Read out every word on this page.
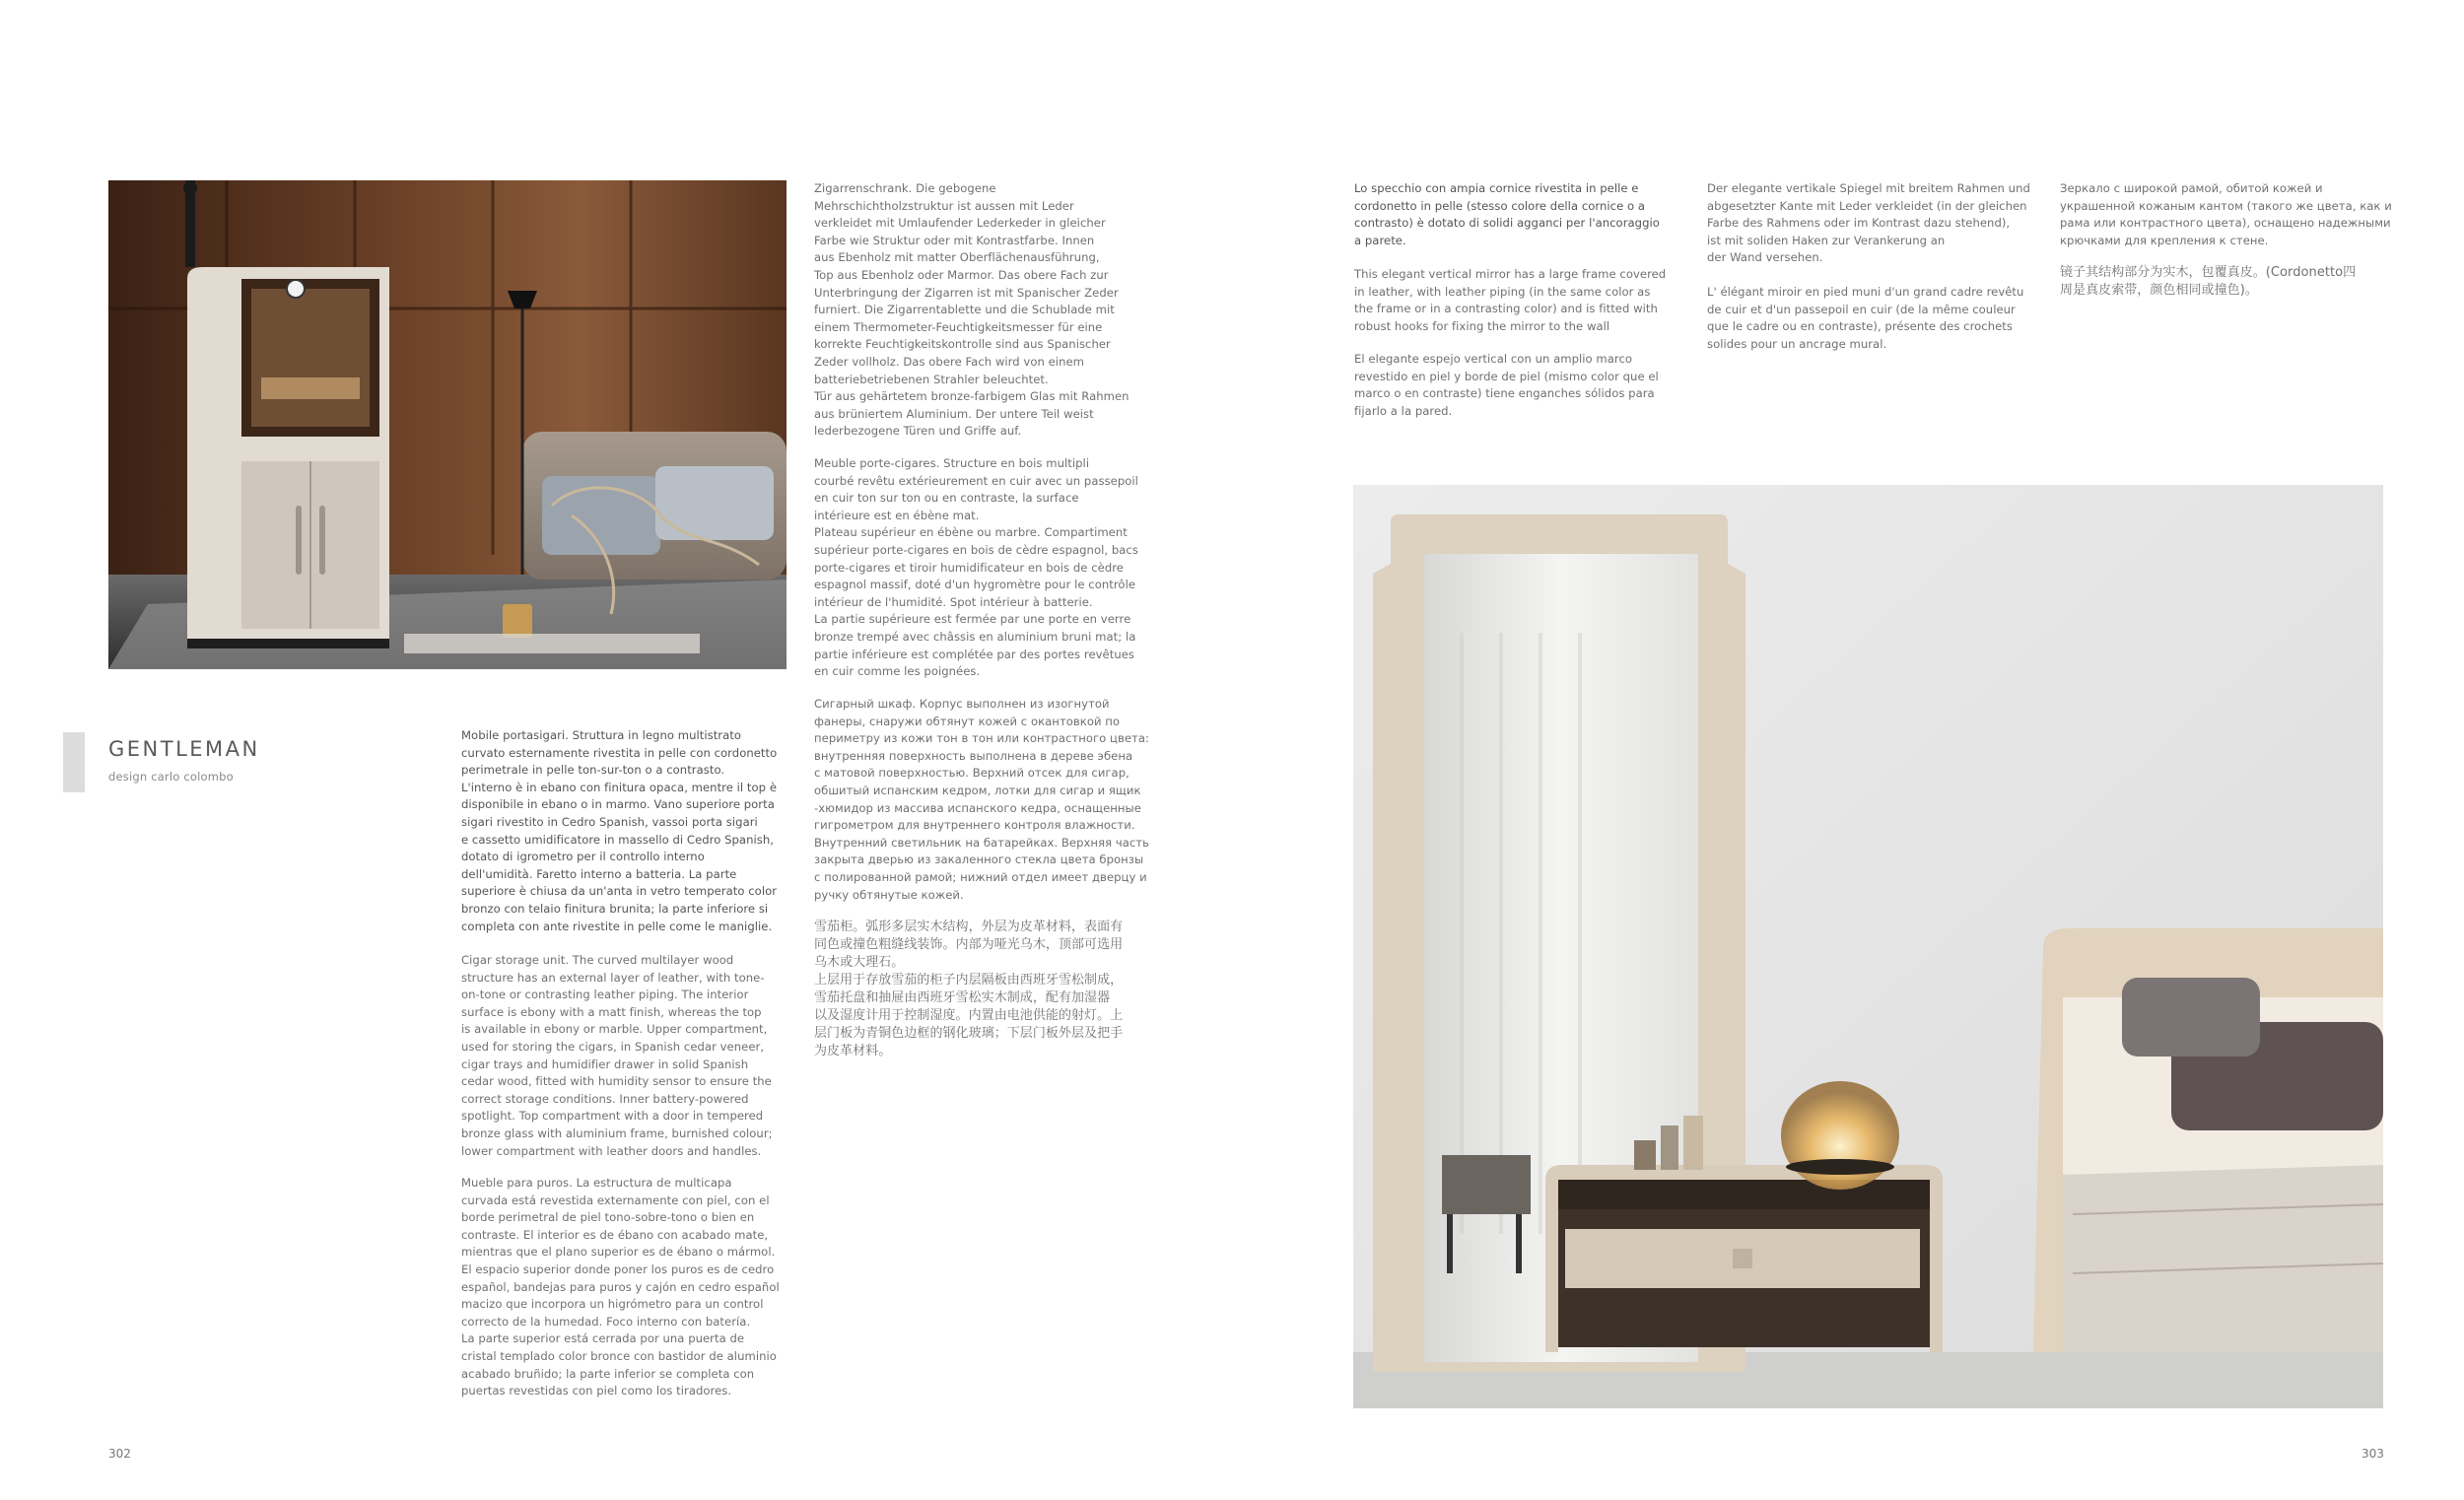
GENTLEMAN
design carlo colombo
Mobile portasigari. Struttura in legno multistrato
curvato esternamente rivestita in pelle con cordonetto
perimetrale in pelle ton-sur-ton o a contrasto.
L'interno è in ebano con finitura opaca, mentre il top è
disponibile in ebano o in marmo. Vano superiore porta
sigari rivestito in Cedro Spanish, vassoi porta sigari
e cassetto umidificatore in massello di Cedro Spanish,
dotato di igrometro per il controllo interno
dell'umidità. Faretto interno a batteria. La parte
superiore è chiusa da un'anta in vetro temperato color
bronzo con telaio finitura brunita; la parte inferiore si
completa con ante rivestite in pelle come le maniglie.
Cigar storage unit. The curved multilayer wood
structure has an external layer of leather, with tone-
on-tone or contrasting leather piping. The interior
surface is ebony with a matt finish, whereas the top
is available in ebony or marble. Upper compartment,
used for storing the cigars, in Spanish cedar veneer,
cigar trays and humidifier drawer in solid Spanish
cedar wood, fitted with humidity sensor to ensure the
correct storage conditions. Inner battery-powered
spotlight. Top compartment with a door in tempered
bronze glass with aluminium frame, burnished colour;
lower compartment with leather doors and handles.
Mueble para puros. La estructura de multicapa
curvada está revestida externamente con piel, con el
borde perimetral de piel tono-sobre-tono o bien en
contraste. El interior es de ébano con acabado mate,
mientras que el plano superior es de ébano o mármol.
El espacio superior donde poner los puros es de cedro
español, bandejas para puros y cajón en cedro español
macizo que incorpora un higrómetro para un control
correcto de la humedad. Foco interno con batería.
La parte superior está cerrada por una puerta de
cristal templado color bronce con bastidor de aluminio
acabado bruñido; la parte inferior se completa con
puertas revestidas con piel como los tiradores.
Zigarrenschrank. Die gebogene
Mehrschichtholzstruktur ist aussen mit Leder
verkleidet mit Umlaufender Lederkeder in gleicher
Farbe wie Struktur oder mit Kontrastfarbe. Innen
aus Ebenholz mit matter Oberflächenausführung,
Top aus Ebenholz oder Marmor. Das obere Fach zur
Unterbringung der Zigarren ist mit Spanischer Zeder
furniert. Die Zigarrentablette und die Schublade mit
einem Thermometer-Feuchtigkeitsmesser für eine
korrekte Feuchtigkeitskontrolle sind aus Spanischer
Zeder vollholz. Das obere Fach wird von einem
batteriebetriebenen Strahler beleuchtet.
Tür aus gehärtetem bronze-farbigem Glas mit Rahmen
aus brüniertem Aluminium. Der untere Teil weist
lederbezogene Türen und Griffe auf.
Meuble porte-cigares. Structure en bois multipli
courbé revêtu extérieurement en cuir avec un passepoil
en cuir ton sur ton ou en contraste, la surface
intérieure est en ébène mat.
Plateau supérieur en ébène ou marbre. Compartiment
supérieur porte-cigares en bois de cèdre espagnol, bacs
porte-cigares et tiroir humidificateur en bois de cèdre
espagnol massif, doté d'un hygromètre pour le contrôle
intérieur de l'humidité. Spot intérieur à batterie.
La partie supérieure est fermée par une porte en verre
bronze trempé avec châssis en aluminium bruni mat; la
partie inférieure est complétée par des portes revêtues
en cuir comme les poignées.
Сигарный шкаф. Корпус выполнен из изогнутой
фанеры, снаружи обтянут кожей с окантовкой по
периметру из кожи тон в тон или контрастного цвета:
внутренняя поверхность выполнена в дереве эбена
с матовой поверхностью. Верхний отсек для сигар,
обшитый испанским кедром, лотки для сигар и ящик
-хюмидор из массива испанского кедра, оснащенные
гигрометром для внутреннего контроля влажности.
Внутренний светильник на батарейках. Верхняя часть
закрыта дверью из закаленного стекла цвета бронзы
с полированной рамой; нижний отдел имеет дверцу и
ручку обтянутые кожей.
雪茄柜。弧形多层实木结构，外层为皮革材料，表面有
同色或撞色粗缝线装饰。内部为哑光乌木，顶部可选用
乌木或大理石。
上层用于存放雪茄的柜子内层隔板由西班牙雪松制成，
雪茄托盘和抽屉由西班牙雪松实木制成，配有加湿器
以及湿度计用于控制湿度。内置由电池供能的射灯。上
层门板为青铜色边框的钢化玻璃；下层门板外层及把手
为皮革材料。
302
Lo specchio con ampia cornice rivestita in pelle e
cordonetto in pelle (stesso colore della cornice o a
contrasto) è dotato di solidi agganci per l'ancoraggio
a parete.
This elegant vertical mirror has a large frame covered
in leather, with leather piping (in the same color as
the frame or in a contrasting color) and is fitted with
robust hooks for fixing the mirror to the wall
El elegante espejo vertical con un amplio marco
revestido en piel y borde de piel (mismo color que el
marco o en contraste) tiene enganches sólidos para
fijarlo a la pared.
Der elegante vertikale Spiegel mit breitem Rahmen und
abgesetzter Kante mit Leder verkleidet (in der gleichen
Farbe des Rahmens oder im Kontrast dazu stehend),
ist mit soliden Haken zur Verankerung an
der Wand versehen.
L' élégant miroir en pied muni d'un grand cadre revêtu
de cuir et d'un passepoil en cuir (de la même couleur
que le cadre ou en contraste), présente des crochets
solides pour un ancrage mural.
Зеркало с широкой рамой, обитой кожей и
украшенной кожаным кантом (такого же цвета, как и
рама или контрастного цвета), оснащено надежными
крючками для крепления к стене.
镜子其结构部分为实木，包覆真皮。(Cordonetto四
周是真皮索带，颜色相同或撞色)。
303
